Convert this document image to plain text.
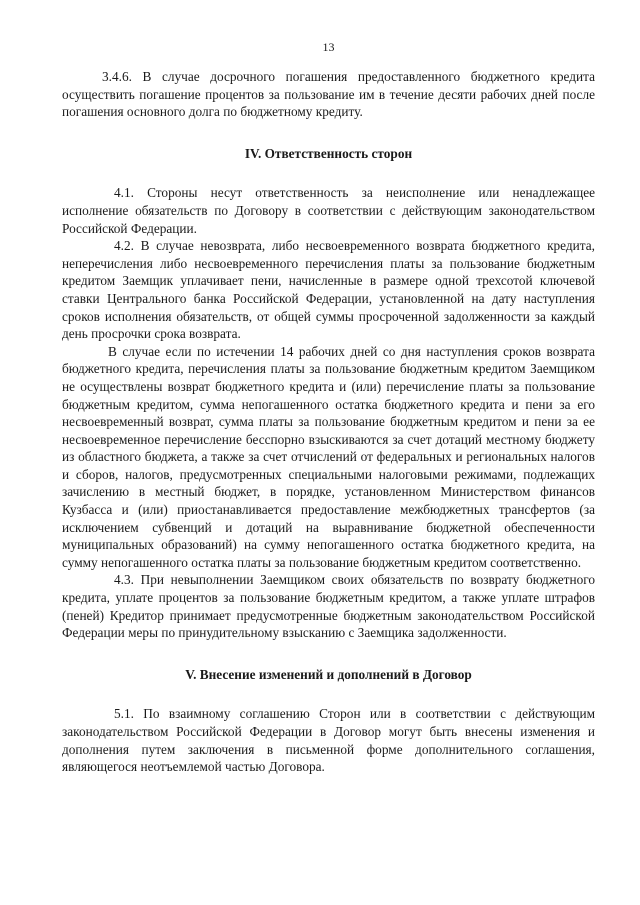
13

3.4.6. В случае досрочного погашения предоставленного бюджетного кредита осуществить погашение процентов за пользование им в течение десяти рабочих дней после погашения основного долга по бюджетному кредиту.

IV. Ответственность сторон

4.1. Стороны несут ответственность за неисполнение или ненадлежащее исполнение обязательств по Договору в соответствии с действующим законодательством Российской Федерации.

4.2. В случае невозврата, либо несвоевременного возврата бюджетного кредита, неперечисления либо несвоевременного перечисления платы за пользование бюджетным кредитом Заемщик уплачивает пени, начисленные в размере одной трехсотой ключевой ставки Центрального банка Российской Федерации, установленной на дату наступления сроков исполнения обязательств, от общей суммы просроченной задолженности за каждый день просрочки срока возврата.

В случае если по истечении 14 рабочих дней со дня наступления сроков возврата бюджетного кредита, перечисления платы за пользование бюджетным кредитом Заемщиком не осуществлены возврат бюджетного кредита и (или) перечисление платы за пользование бюджетным кредитом, сумма непогашенного остатка бюджетного кредита и пени за его несвоевременный возврат, сумма платы за пользование бюджетным кредитом и пени за ее несвоевременное перечисление бесспорно взыскиваются за счет дотаций местному бюджету из областного бюджета, а также за счет отчислений от федеральных и региональных налогов и сборов, налогов, предусмотренных специальными налоговыми режимами, подлежащих зачислению в местный бюджет, в порядке, установленном Министерством финансов Кузбасса и (или) приостанавливается предоставление межбюджетных трансфертов (за исключением субвенций и дотаций на выравнивание бюджетной обеспеченности муниципальных образований) на сумму непогашенного остатка бюджетного кредита, на сумму непогашенного остатка платы за пользование бюджетным кредитом соответственно.

4.3. При невыполнении Заемщиком своих обязательств по возврату бюджетного кредита, уплате процентов за пользование бюджетным кредитом, а также уплате штрафов (пеней) Кредитор принимает предусмотренные бюджетным законодательством Российской Федерации меры по принудительному взысканию с Заемщика задолженности.

V. Внесение изменений и дополнений в Договор

5.1. По взаимному соглашению Сторон или в соответствии с действующим законодательством Российской Федерации в Договор могут быть внесены изменения и дополнения путем заключения в письменной форме дополнительного соглашения, являющегося неотъемлемой частью Договора.
